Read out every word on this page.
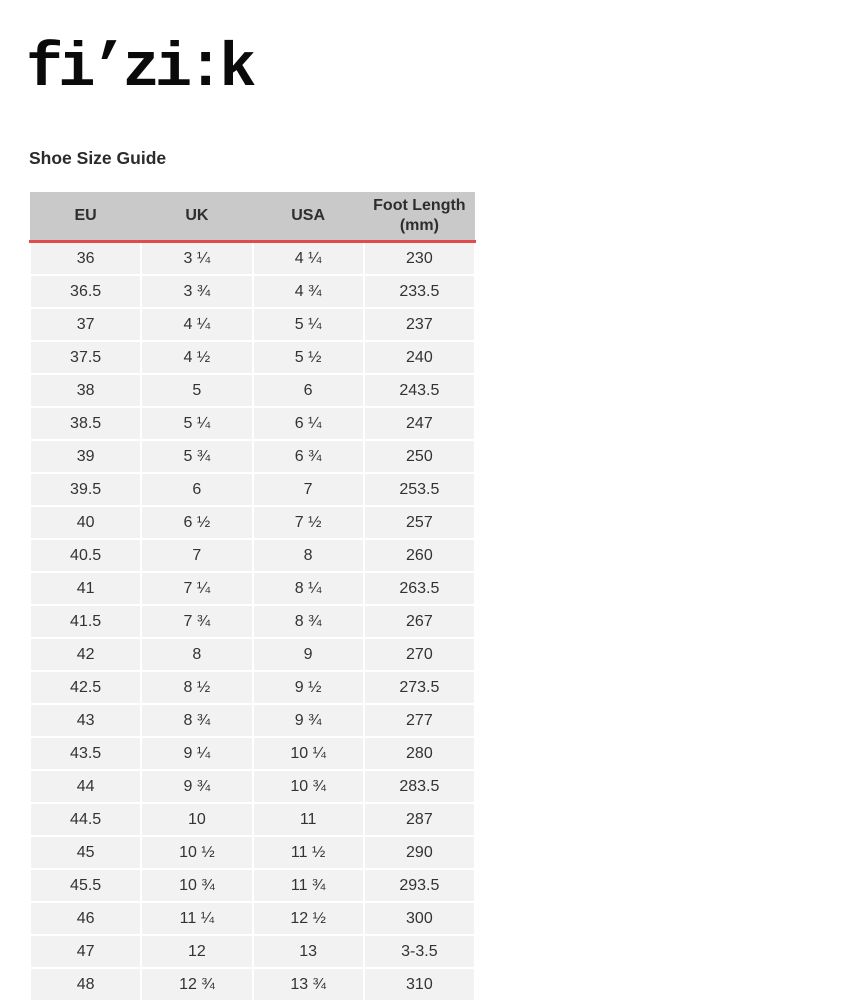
fi’zi:k
Shoe Size Guide
EU	UK	USA	Foot Length (mm)
36	3 ¼	4 ¼	230
36.5	3 ¾	4 ¾	233.5
37	4 ¼	5 ¼	237
37.5	4 ½	5 ½	240
38	5	6	243.5
38.5	5 ¼	6 ¼	247
39	5 ¾	6 ¾	250
39.5	6	7	253.5
40	6 ½	7 ½	257
40.5	7	8	260
41	7 ¼	8 ¼	263.5
41.5	7 ¾	8 ¾	267
42	8	9	270
42.5	8 ½	9 ½	273.5
43	8 ¾	9 ¾	277
43.5	9 ¼	10 ¼	280
44	9 ¾	10 ¾	283.5
44.5	10	11	287
45	10 ½	11 ½	290
45.5	10 ¾	11 ¾	293.5
46	11 ¼	12 ½	300
47	12	13	3-3.5
48	12 ¾	13 ¾	310
